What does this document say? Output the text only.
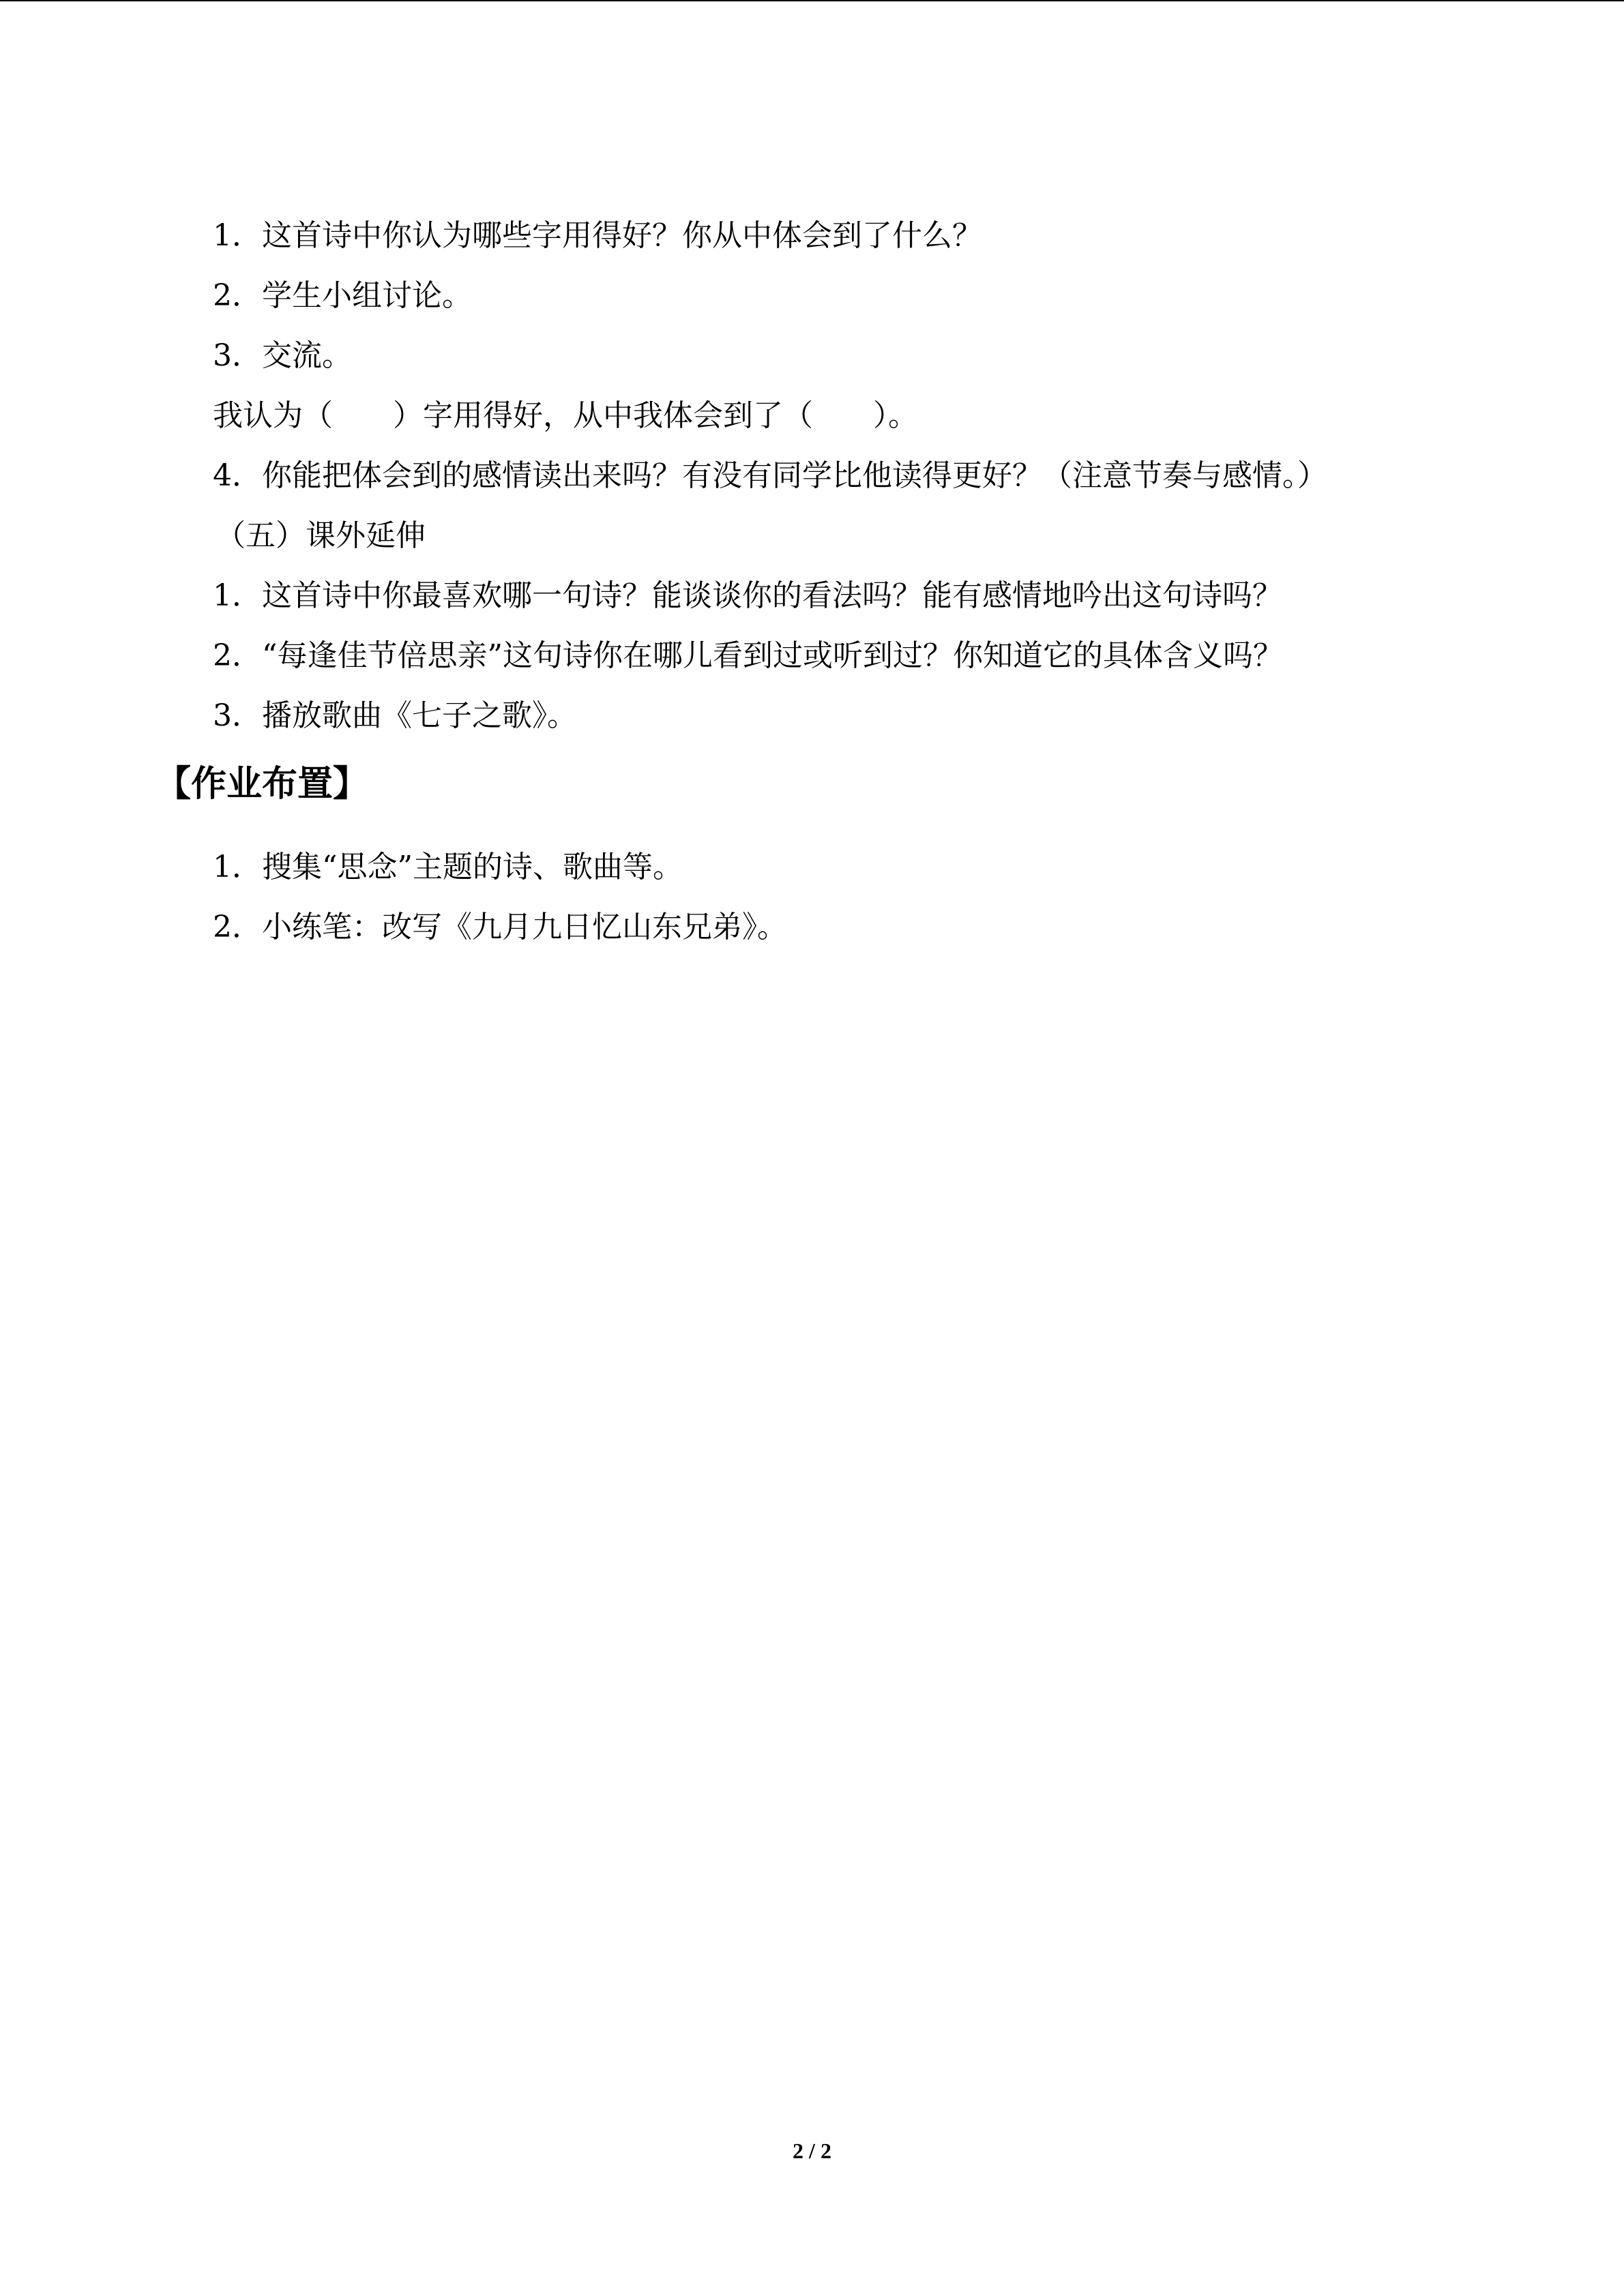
1．这首诗中你认为哪些字用得好？你从中体会到了什么？
2．学生小组讨论。
3．交流。
我认为（　　）字用得好，从中我体会到了（　　）。
4．你能把体会到的感情读出来吗？有没有同学比他读得更好？（注意节奏与感情。）
（五）课外延伸
1．这首诗中你最喜欢哪一句诗？能谈谈你的看法吗？能有感情地吟出这句诗吗？
2．“每逢佳节倍思亲”这句诗你在哪儿看到过或听到过？你知道它的具体含义吗？
3．播放歌曲《七子之歌》。
【作业布置】
1．搜集“思念”主题的诗、歌曲等。
2．小练笔：改写《九月九日忆山东兄弟》。
2 / 2
